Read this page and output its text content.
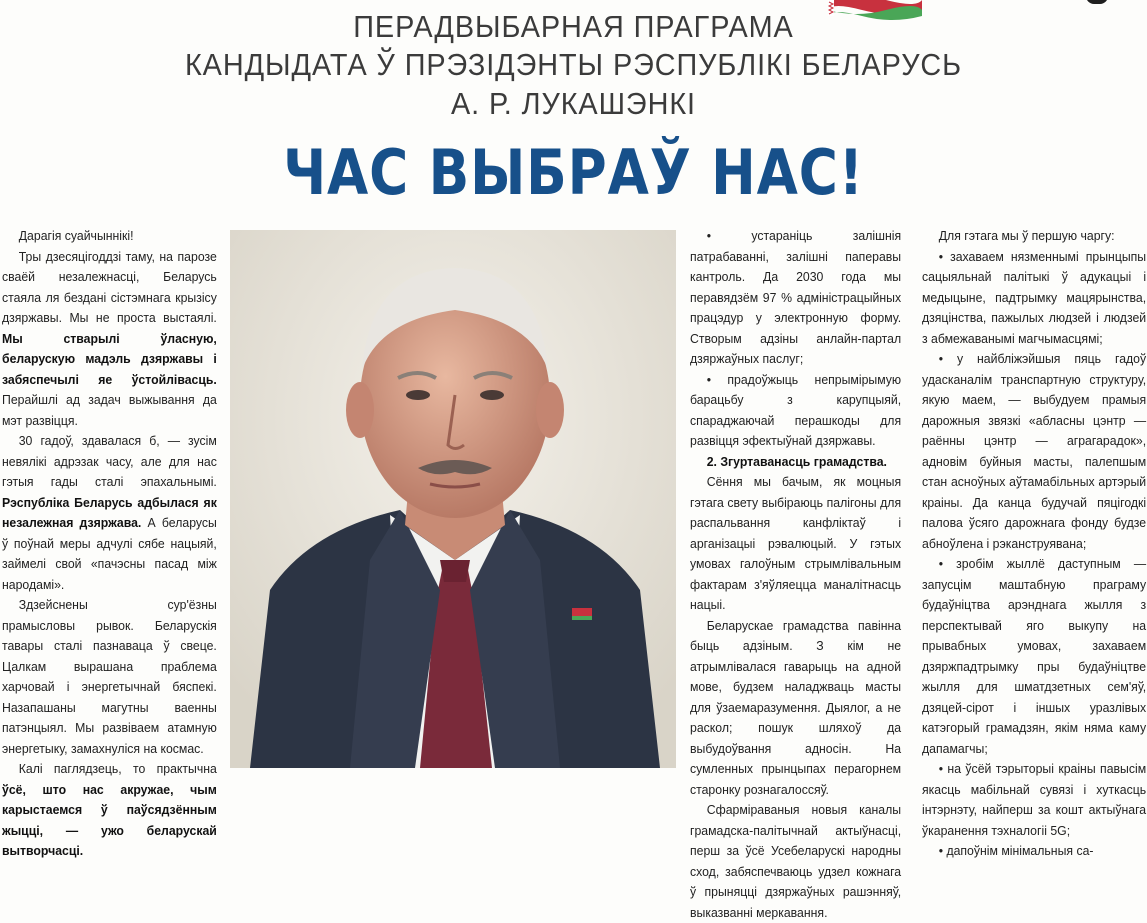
ПЕРАДВЫБАРНАЯ ПРАГРАМА
КАНДЫДАТА Ў ПРЭЗІДЭНТЫ РЭСПУБЛІКІ БЕЛАРУСЬ
А. Р. ЛУКАШЭНКІ
ЧАС ВЫБРАЎ НАС!

Дарагія суайчыннікі!

Тры дзесяцігоддзі таму, на парозе сваёй незалежнасці, Беларусь стаяла ля бездані сістэмнага крызісу дзяржавы. Мы не проста выстаялі. Мы стварылі ўласную, беларускую мадэль дзяржавы і забяспечылі яе ўстойлівасць. Перайшлі ад задач выжывання да мэт развіцця.

30 гадоў, здавалася б, — зусім невялікі адрэзак часу, але для нас гэтыя гады сталі эпахальнымі. Рэспубліка Беларусь адбылася як незалежная дзяржава. А беларусы ў поўнай меры адчулі сябе нацыяй, займелі свой «пачэсны пасад між народамі».

Здзейснены сур'ёзны прамысловы рывок. Беларускія тавары сталі пазнаваца ў свеце. Цалкам вырашана праблема харчовай і энергетычнай бяспекі. Назапашаны магутны ваенны патэнцыял. Мы развіваем атамную энергетыку, замахнуліся на космас.

Калі паглядзець, то практычна ўсё, што нас акружае, чым карыстаемся ў паўсядзённым жыцці, — ужо беларускай вытворчасці.

• устараніць залішнія патрабаванні, залішні паперавы кантроль. Да 2030 года мы перавядзём 97 % адміністрацыйных працэдур у электронную форму. Створым адзіны анлайн-партал дзяржаўных паслуг;

• прадоўжыць непрымірымую барацьбу з карупцыяй, спараджаючай перашкоды для развіцця эфектыўнай дзяржавы.

2. Згуртаванасць грамадства.

Сёння мы бачым, як моцныя гэтага свету выбіраюць палігоны для распальвання канфліктаў і арганізацыі рэвалюцый. У гэтых умовах галоўным стрымлівальным фактарам з'яўляецца маналітнасць нацыі.

Беларускае грамадства павінна быць адзіным. З кім не атрымлівалася гаварыць на адной мове, будзем наладжваць масты для ўзаемаразумення. Дыялог, а не раскол; пошук шляхоў да выбудоўвання адносін. На сумленных прынцыпах перагорнем старонку рознагалоссяў.

Сфарміраваныя новыя каналы грамадска-палітычнай актыўнасці, перш за ўсё Усебеларускі народны сход, забяспечваюць удзел кожнага ў прыняцці дзяржаўных рашэнняў, выказванні меркавання.

Для гэтага мы ў першую чаргу:

• захаваем нязменнымі прынцыпы сацыяльнай палітыкі ў адукацыі і медыцыне, падтрымку мацярынства, дзяцінства, пажылых людзей і людзей з абмежаванымі магчымасцямі;

• у найбліжэйшыя пяць гадоў удасканалім транспартную структуру, якую маем, — выбудуем прамыя дарожныя звязкі «абласны цэнтр — раённы цэнтр — аграгарадок», адновім буйныя масты, палепшым стан асноўных аўтамабільных артэрый краіны. Да канца будучай пяцігодкі палова ўсяго дарожнага фонду будзе абноўлена і рэканструявана;

• зробім жыллё даступным — запусцім маштабную праграму будаўніцтва арэнднага жылля з перспектывай яго выкупу на прывабных умовах, захаваем дзяржпадтрымку пры будаўніцтве жылля для шматдзетных сем'яў, дзяцей-сірот і іншых уразлівых катэгорый грамадзян, якім няма каму дапамагчы;

• на ўсёй тэрыторыі краіны павысім якасць мабільнай сувязі і хуткасць інтэрнэту, найперш за кошт актыўнага ўкаранення тэхналогіі 5G;

• дапоўнім мінімальныя са-
